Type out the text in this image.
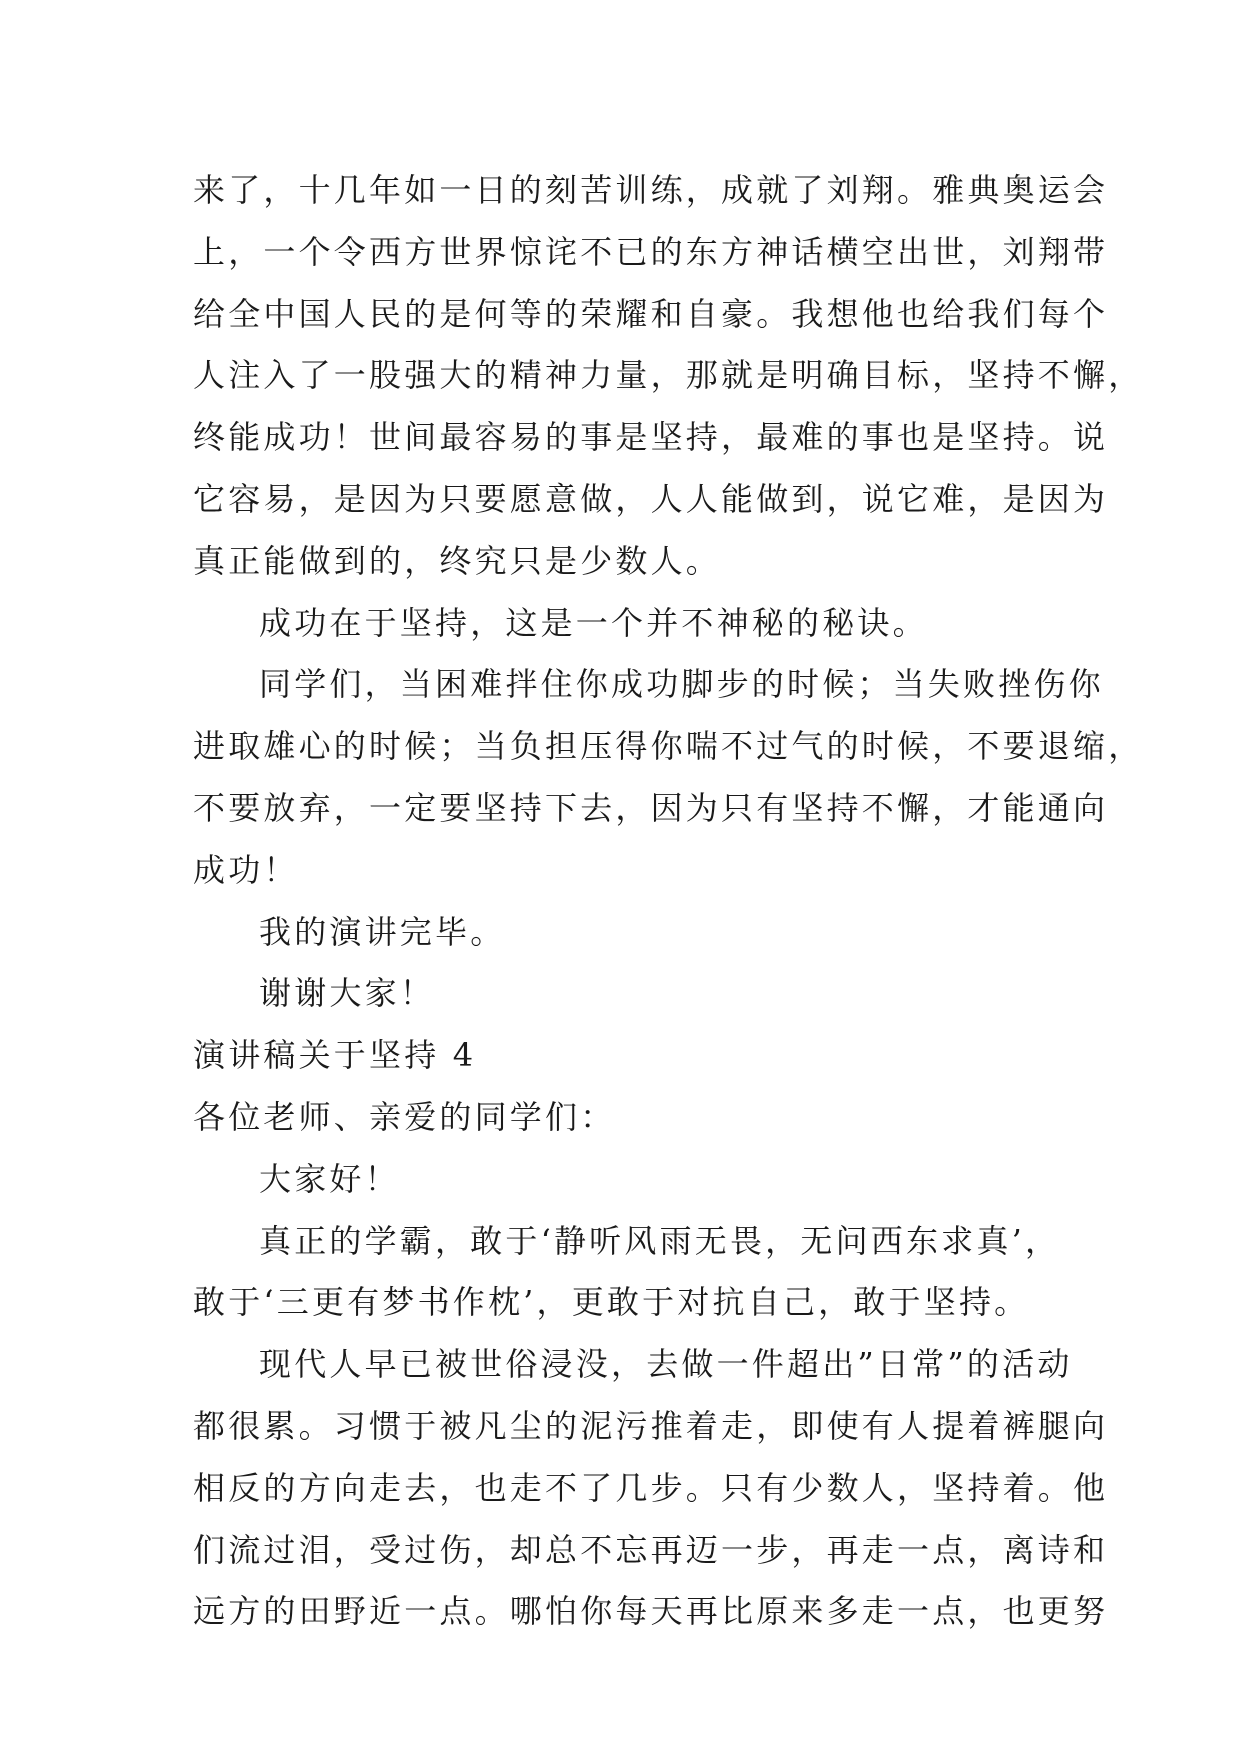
来了，十几年如一日的刻苦训练，成就了刘翔。雅典奥运会
上，一个令西方世界惊诧不已的东方神话横空出世，刘翔带
给全中国人民的是何等的荣耀和自豪。我想他也给我们每个
人注入了一股强大的精神力量，那就是明确目标，坚持不懈，
终能成功！世间最容易的事是坚持，最难的事也是坚持。说
它容易，是因为只要愿意做，人人能做到，说它难，是因为
真正能做到的，终究只是少数人。
成功在于坚持，这是一个并不神秘的秘诀。
同学们，当困难拌住你成功脚步的时候；当失败挫伤你
进取雄心的时候；当负担压得你喘不过气的时候，不要退缩，
不要放弃，一定要坚持下去，因为只有坚持不懈，才能通向
成功！
我的演讲完毕。
谢谢大家！
演讲稿关于坚持 4
各位老师、亲爱的同学们：
大家好！
真正的学霸，敢于‘静听风雨无畏，无问西东求真’，
敢于‘三更有梦书作枕’，更敢于对抗自己，敢于坚持。
现代人早已被世俗浸没，去做一件超出”日常”的活动
都很累。习惯于被凡尘的泥污推着走，即使有人提着裤腿向
相反的方向走去，也走不了几步。只有少数人，坚持着。他
们流过泪，受过伤，却总不忘再迈一步，再走一点，离诗和
远方的田野近一点。哪怕你每天再比原来多走一点，也更努
